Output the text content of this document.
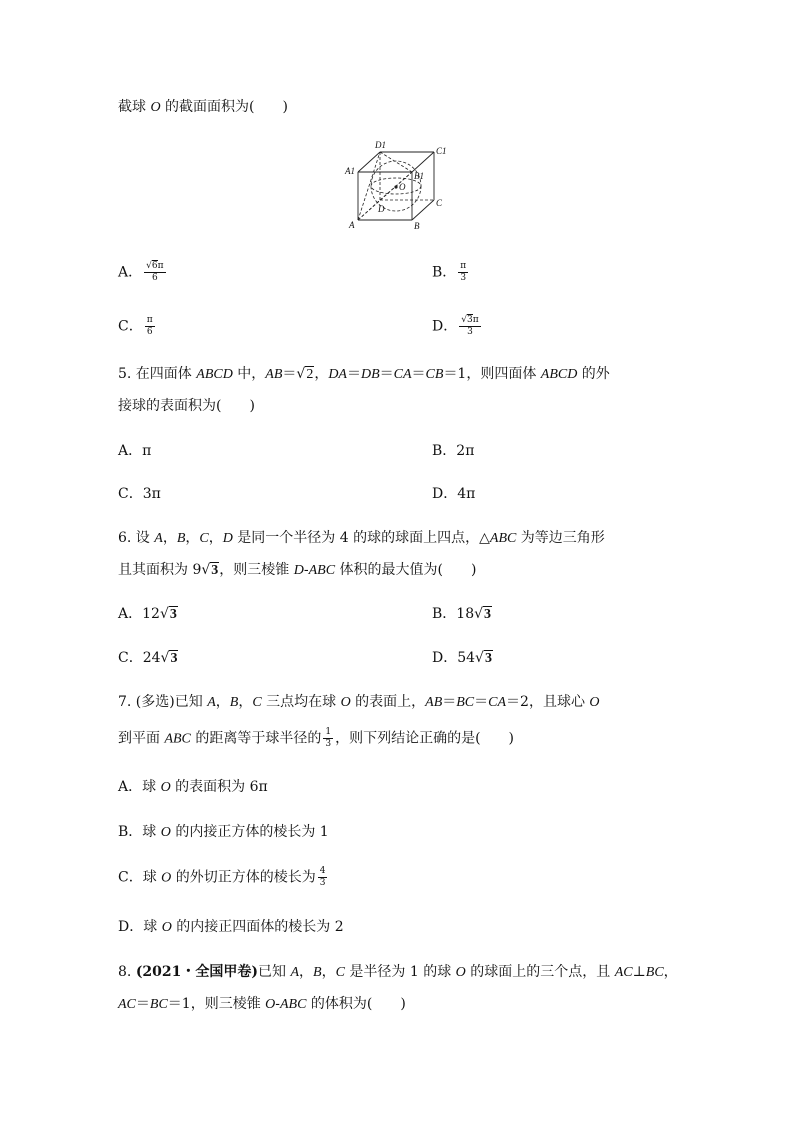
截球 O 的截面面积为(　　)
A	B
C
D
A1	B1
C1
D1
O
A． $\frac{√6\pi}{6}$	B． $\frac{\pi}{3}$
C． $\frac{\pi}{6}$	D． $\frac{√3\pi}{3}$
5. 在四面体 ABCD 中，AB＝√2，DA＝DB＝CA＝CB＝1，则四面体 ABCD 的外
接球的表面积为(　　)
A．π	B．2π
C．3π	D．4π
6. 设 A，B，C，D 是同一个半径为 4 的球的球面上四点，△ABC 为等边三角形
且其面积为 9√3，则三棱锥 D-ABC 体积的最大值为(　　)
A．12√3	B．18√3
C．24√3	D．54√3
7. (多选)已知 A，B，C 三点均在球 O 的表面上，AB＝BC＝CA＝2，且球心 O
到平面 ABC 的距离等于球半径的 $\frac{1}{3}$ ，则下列结论正确的是(　　)
A．球 O 的表面积为 6π
B．球 O 的内接正方体的棱长为 1
C．球 O 的外切正方体的棱长为 $\frac{4}{3}$
D．球 O 的内接正四面体的棱长为 2
8. (2021・全国甲卷)已知 A，B，C 是半径为 1 的球 O 的球面上的三个点，且 AC⊥BC，
AC＝BC＝1，则三棱锥 O-ABC 的体积为(　　)
